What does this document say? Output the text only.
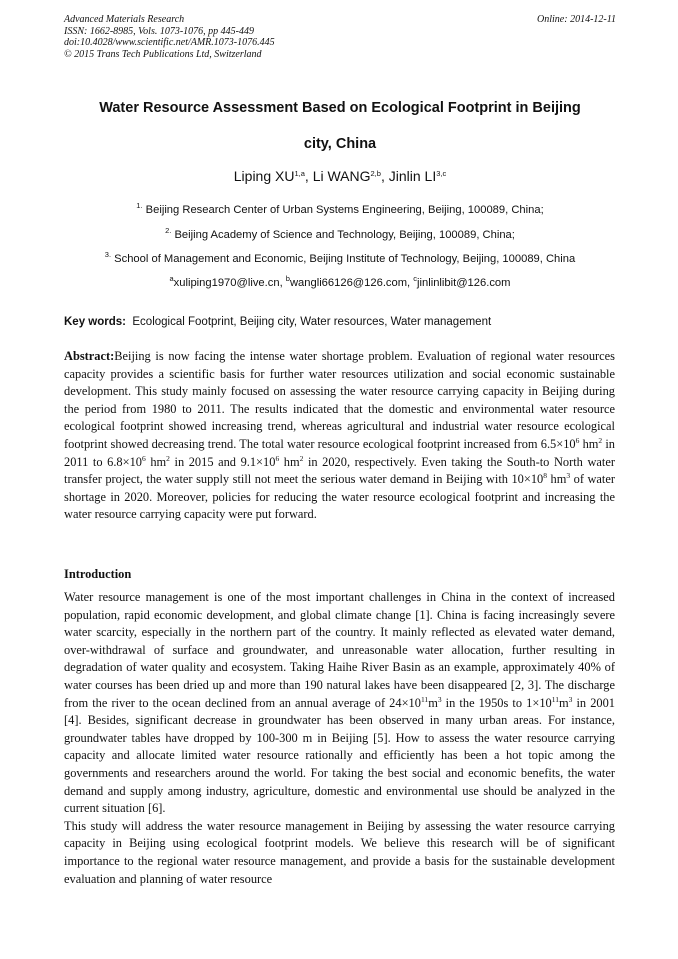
Advanced Materials Research
ISSN: 1662-8985, Vols. 1073-1076, pp 445-449
doi:10.4028/www.scientific.net/AMR.1073-1076.445
© 2015 Trans Tech Publications Ltd, Switzerland
Online: 2014-12-11
Water Resource Assessment Based on Ecological Footprint in Beijing
city, China
Liping XU$^{1,a}$, Li WANG$^{2,b}$, Jinlin LI$^{3,c}$
$^{1.}$ Beijing Research Center of Urban Systems Engineering, Beijing, 100089, China;
$^{2.}$ Beijing Academy of Science and Technology, Beijing, 100089, China;
$^{3.}$ School of Management and Economic, Beijing Institute of Technology, Beijing, 100089, China
$^a$xuliping1970@live.cn, $^b$wangli66126@126.com, $^c$jinlinlibit@126.com
Key words: Ecological Footprint, Beijing city, Water resources, Water management
Abstract:Beijing is now facing the intense water shortage problem. Evaluation of regional water resources capacity provides a scientific basis for further water resources utilization and social economic sustainable development. This study mainly focused on assessing the water resource carrying capacity in Beijing during the period from 1980 to 2011. The results indicated that the domestic and environmental water resource ecological footprint showed increasing trend, whereas agricultural and industrial water resource ecological footprint showed decreasing trend. The total water resource ecological footprint increased from $6.5\times 10^6$ $hm^2$ in 2011 to $6.8\times 10^6$ $hm^2$ in 2015 and $9.1\times 10^6$ $hm^2$ in 2020, respectively. Even taking the South-to North water transfer project, the water supply still not meet the serious water demand in Beijing with $10\times 10^8$ $hm^3$ of water shortage in 2020. Moreover, policies for reducing the water resource ecological footprint and increasing the water resource carrying capacity were put forward.
Introduction

Water resource management is one of the most important challenges in China in the context of increased population, rapid economic development, and global climate change [1]. China is facing increasingly severe water scarcity, especially in the northern part of the country. It mainly reflected as elevated water demand, over-withdrawal of surface and groundwater, and unreasonable water allocation, further resulting in degradation of water quality and ecosystem. Taking Haihe River Basin as an example, approximately 40% of water courses has been dried up and more than 190 natural lakes have been disappeared [2, 3]. The discharge from the river to the ocean declined from an annual average of $24\times 10^{11}m^3$ in the 1950s to $1\times 10^{11}m^3$ in 2001 [4]. Besides, significant decrease in groundwater has been observed in many urban areas. For instance, groundwater tables have dropped by 100-300 m in Beijing [5]. How to assess the water resource carrying capacity and allocate limited water resource rationally and efficiently has been a hot topic among the governments and researchers around the world. For taking the best social and economic benefits, the water demand and supply among industry, agriculture, domestic and environmental use should be analyzed in the current situation [6].

This study will address the water resource management in Beijing by assessing the water resource carrying capacity in Beijing using ecological footprint models. We believe this research will be of significant importance to the regional water resource management, and provide a basis for the sustainable development evaluation and planning of water resource
